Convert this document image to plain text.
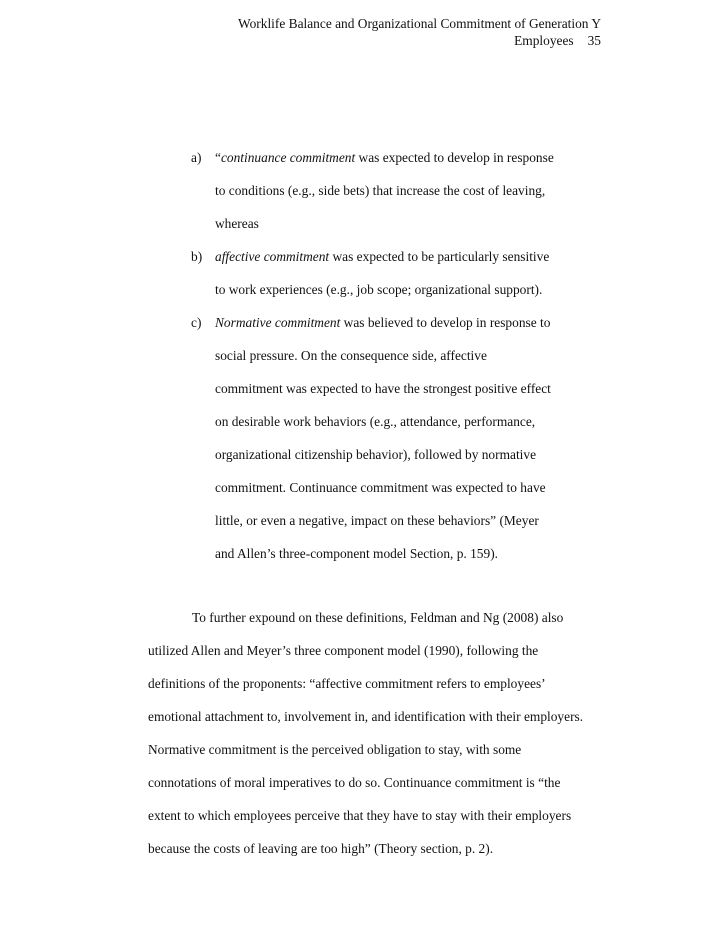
Worklife Balance and Organizational Commitment of Generation Y
Employees 35
a) “continuance commitment was expected to develop in response
to conditions (e.g., side bets) that increase the cost of leaving,
whereas
b) affective commitment was expected to be particularly sensitive
to work experiences (e.g., job scope; organizational support).
c) Normative commitment was believed to develop in response to
social pressure. On the consequence side, affective
commitment was expected to have the strongest positive effect
on desirable work behaviors (e.g., attendance, performance,
organizational citizenship behavior), followed by normative
commitment. Continuance commitment was expected to have
little, or even a negative, impact on these behaviors” (Meyer
and Allen’s three-component model Section, p. 159).
To further expound on these definitions, Feldman and Ng (2008) also
utilized Allen and Meyer’s three component model (1990), following the
definitions of the proponents: “affective commitment refers to employees’
emotional attachment to, involvement in, and identification with their employers.
Normative commitment is the perceived obligation to stay, with some
connotations of moral imperatives to do so. Continuance commitment is “the
extent to which employees perceive that they have to stay with their employers
because the costs of leaving are too high” (Theory section, p. 2).
